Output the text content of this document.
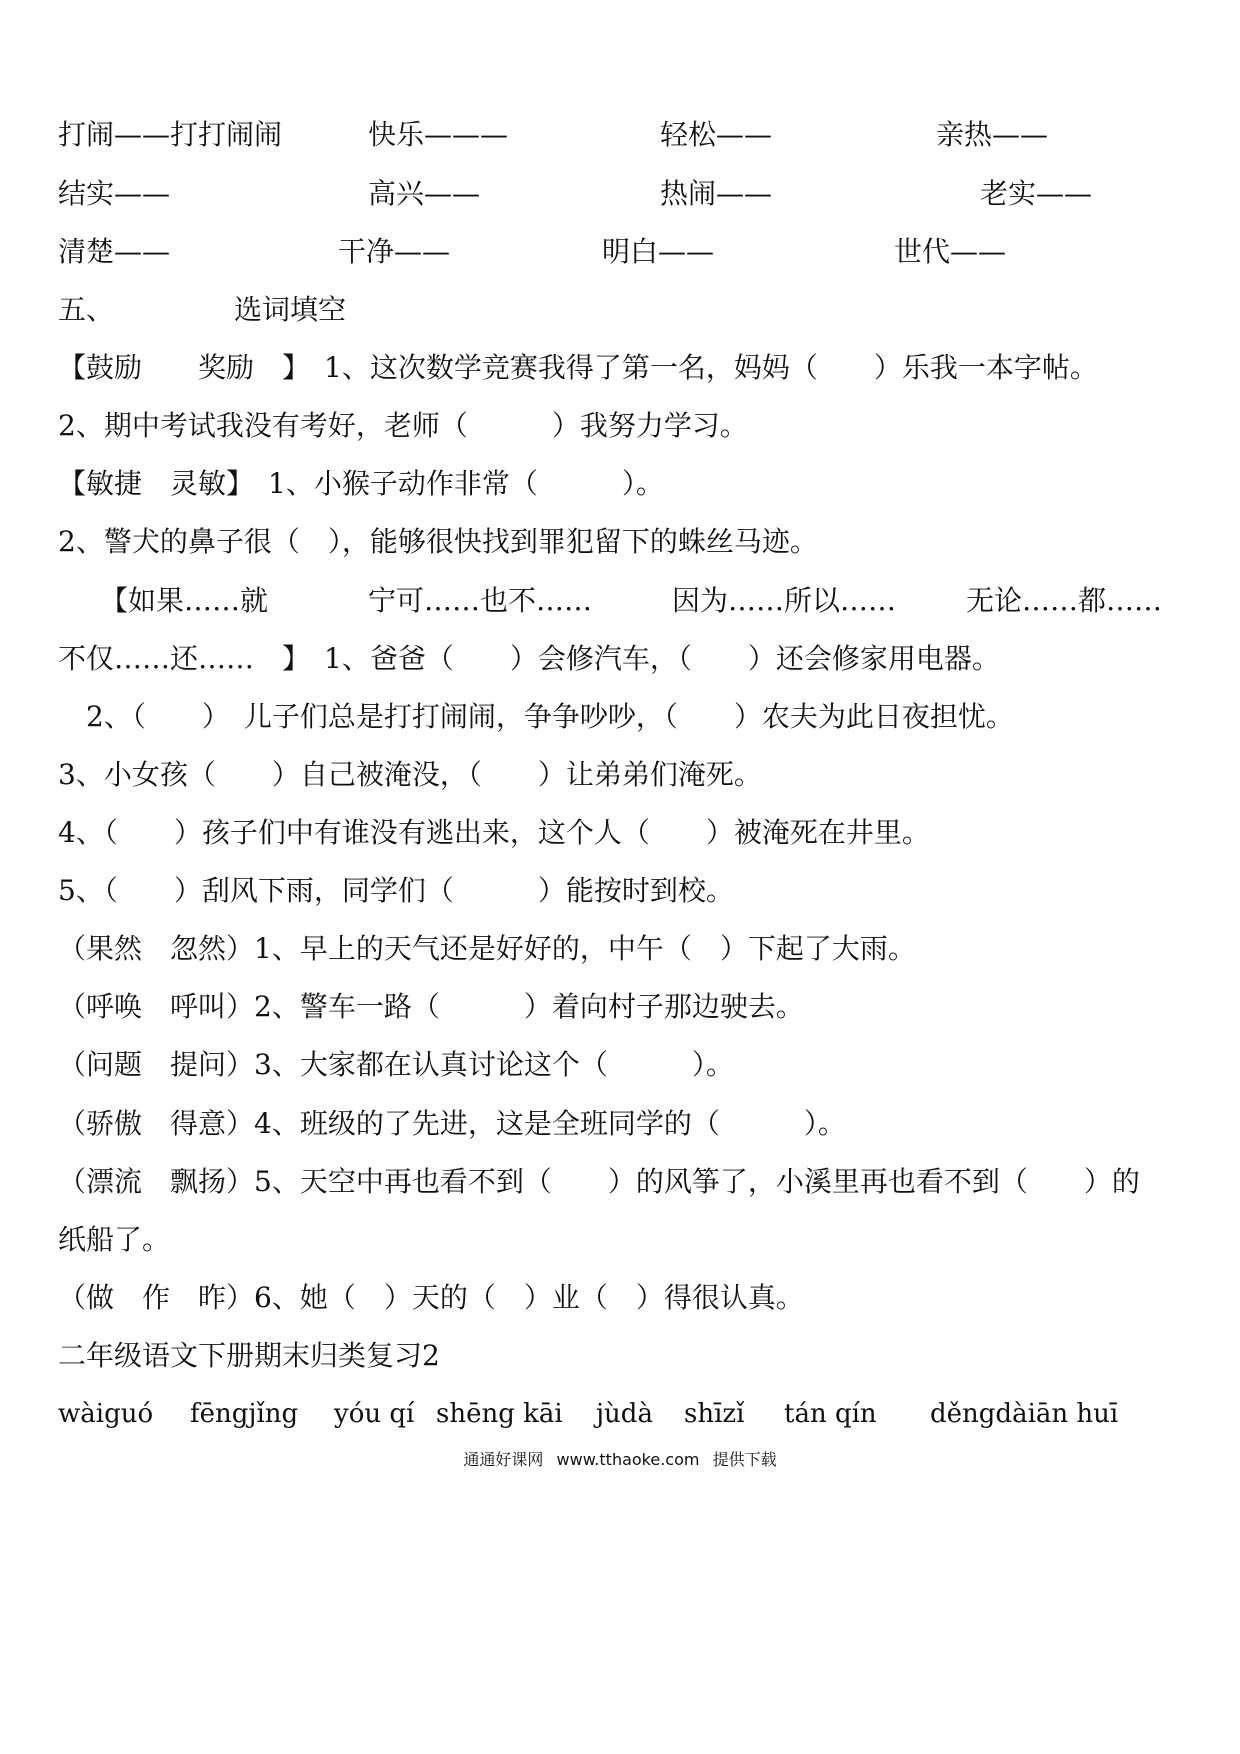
打闹——打打闹闹	快乐———	轻松——	亲热——
结实——	高兴——	热闹——	老实——
清楚——	干净——	明白——	世代——
五、	选词填空
【鼓励　　奖励　】　1、这次数学竞赛我得了第一名，妈妈（　　）乐我一本字帖。
2、期中考试我没有考好，老师（　　　）我努力学习。
【敏捷　灵敏】　1、小猴子动作非常（　　　）。
2、警犬的鼻子很（　），能够很快找到罪犯留下的蛛丝马迹。
【如果……就	宁可……也不……	因为……所以…… 无论……都……
不仅……还……　】　1、爸爸（　　）会修汽车，（　　）还会修家用电器。
2、（　　）　儿子们总是打打闹闹，争争吵吵，（　　）农夫为此日夜担忧。
3、小女孩（　　）自己被淹没，（　　）让弟弟们淹死。
4、（　　）孩子们中有谁没有逃出来，这个人（　　）被淹死在井里。
5、（　　）刮风下雨，同学们（　　　）能按时到校。
（果然　忽然）1、早上的天气还是好好的，中午（　）下起了大雨。
（呼唤　呼叫）2、警车一路（　　　）着向村子那边驶去。
（问题　提问）3、大家都在认真讨论这个（　　　）。
（骄傲　得意）4、班级的了先进，这是全班同学的（　　　）。
（漂流　飘扬）5、天空中再也看不到（　　）的风筝了，小溪里再也看不到（　　）的
纸船了。
（做　作　昨）6、她（　）天的（　）业（　）得很认真。
二年级语文下册期末归类复习2
wàiguó fēngjǐng yóu qí shēng kāi jùdà shīzǐ tán qín děngdàiān huī
通通好课网 www.tthaoke.com 提供下载
